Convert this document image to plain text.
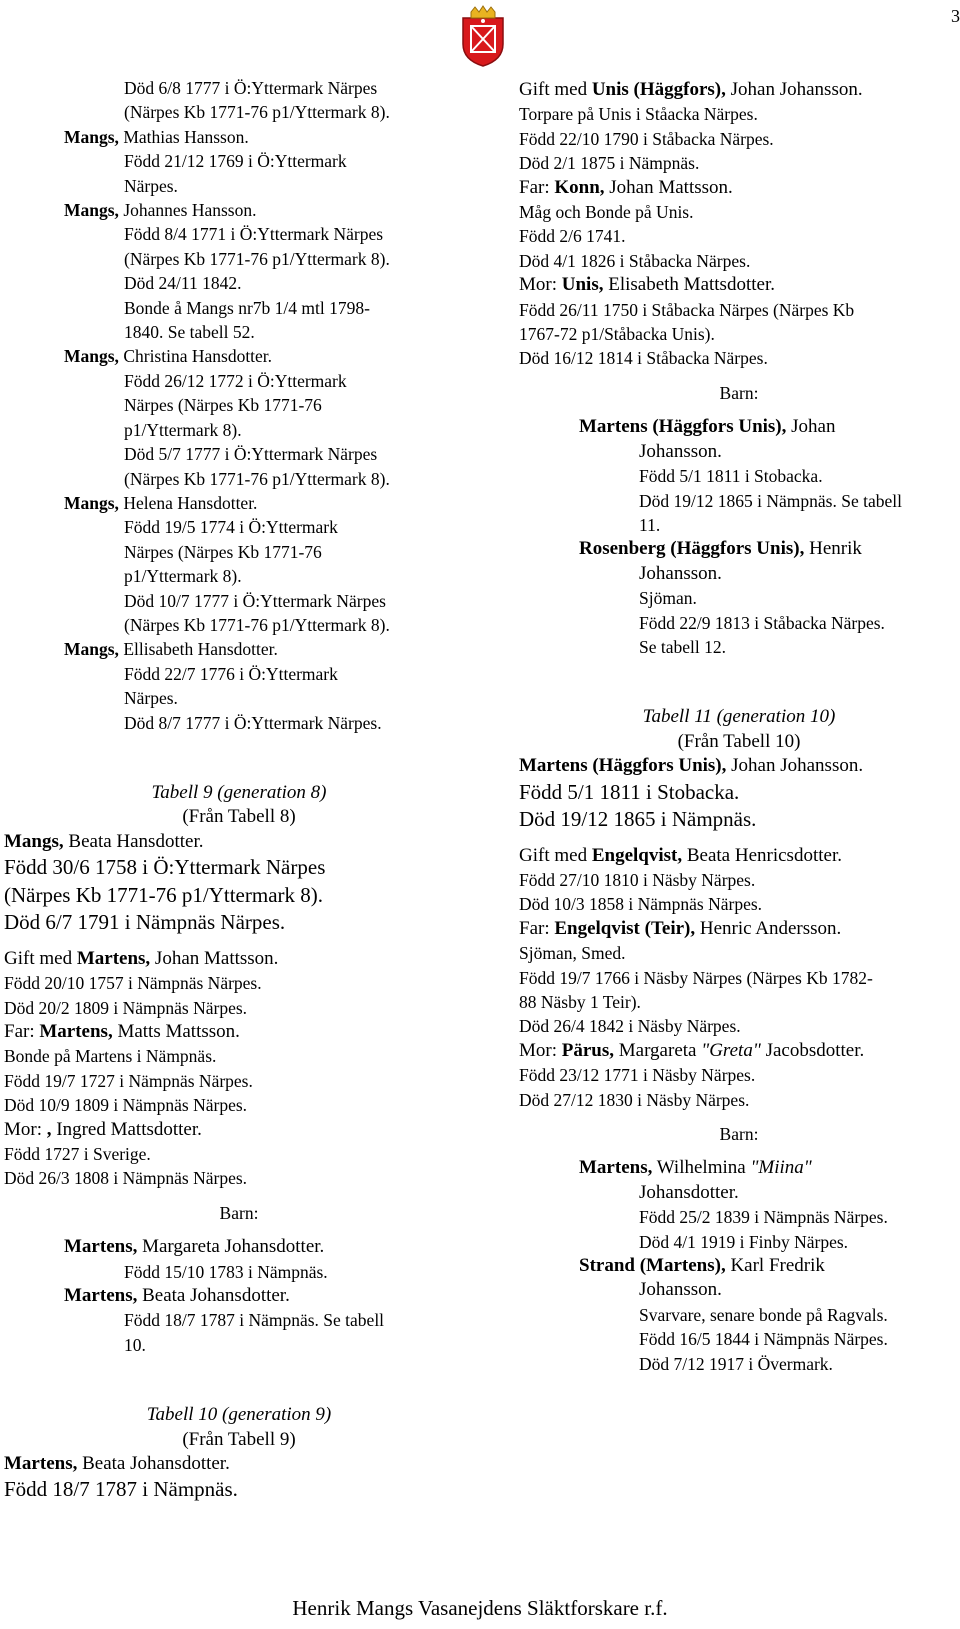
3
Död 6/8 1777 i Ö:Yttermark Närpes
(Närpes Kb 1771-76 p1/Yttermark 8).
Mangs, Mathias Hansson.
Född 21/12 1769 i Ö:Yttermark
Närpes.
Mangs, Johannes Hansson.
Född 8/4 1771 i Ö:Yttermark Närpes
(Närpes Kb 1771-76 p1/Yttermark 8).
Död 24/11 1842.
Bonde å Mangs nr7b 1/4 mtl 1798-
1840. Se tabell 52.
Mangs, Christina Hansdotter.
Född 26/12 1772 i Ö:Yttermark
Närpes (Närpes Kb 1771-76
p1/Yttermark 8).
Död 5/7 1777 i Ö:Yttermark Närpes
(Närpes Kb 1771-76 p1/Yttermark 8).
Mangs, Helena Hansdotter.
Född 19/5 1774 i Ö:Yttermark
Närpes (Närpes Kb 1771-76
p1/Yttermark 8).
Död 10/7 1777 i Ö:Yttermark Närpes
(Närpes Kb 1771-76 p1/Yttermark 8).
Mangs, Ellisabeth Hansdotter.
Född 22/7 1776 i Ö:Yttermark
Närpes.
Död 8/7 1777 i Ö:Yttermark Närpes.
Tabell 9 (generation 8)
(Från Tabell 8)
Mangs, Beata Hansdotter.
Född 30/6 1758 i Ö:Yttermark Närpes
(Närpes Kb 1771-76 p1/Yttermark 8).
Död 6/7 1791 i Nämpnäs Närpes.
Gift med Martens, Johan Mattsson.
Född 20/10 1757 i Nämpnäs Närpes.
Död 20/2 1809 i Nämpnäs Närpes.
Far: Martens, Matts Mattsson.
Bonde på Martens i Nämpnäs.
Född 19/7 1727 i Nämpnäs Närpes.
Död 10/9 1809 i Nämpnäs Närpes.
Mor: , Ingred Mattsdotter.
Född 1727 i Sverige.
Död 26/3 1808 i Nämpnäs Närpes.
Barn:
Martens, Margareta Johansdotter.
Född 15/10 1783 i Nämpnäs.
Martens, Beata Johansdotter.
Född 18/7 1787 i Nämpnäs. Se tabell
10.
Tabell 10 (generation 9)
(Från Tabell 9)
Martens, Beata Johansdotter.
Född 18/7 1787 i Nämpnäs.
Gift med Unis (Häggfors), Johan Johansson.
Torpare på Unis i Ståacka Närpes.
Född 22/10 1790 i Ståbacka Närpes.
Död 2/1 1875 i Nämpnäs.
Far: Konn, Johan Mattsson.
Måg och Bonde på Unis.
Född 2/6 1741.
Död 4/1 1826 i Ståbacka Närpes.
Mor: Unis, Elisabeth Mattsdotter.
Född 26/11 1750 i Ståbacka Närpes (Närpes Kb
1767-72 p1/Ståbacka Unis).
Död 16/12 1814 i Ståbacka Närpes.
Barn:
Martens (Häggfors Unis), Johan
Johansson.
Född 5/1 1811 i Stobacka.
Död 19/12 1865 i Nämpnäs. Se tabell
11.
Rosenberg (Häggfors Unis), Henrik
Johansson.
Sjöman.
Född 22/9 1813 i Ståbacka Närpes.
Se tabell 12.
Tabell 11 (generation 10)
(Från Tabell 10)
Martens (Häggfors Unis), Johan Johansson.
Född 5/1 1811 i Stobacka.
Död 19/12 1865 i Nämpnäs.
Gift med Engelqvist, Beata Henricsdotter.
Född 27/10 1810 i Näsby Närpes.
Död 10/3 1858 i Nämpnäs Närpes.
Far: Engelqvist (Teir), Henric Andersson.
Sjöman, Smed.
Född 19/7 1766 i Näsby Närpes (Närpes Kb 1782-
88 Näsby 1 Teir).
Död 26/4 1842 i Näsby Närpes.
Mor: Pärus, Margareta "Greta" Jacobsdotter.
Född 23/12 1771 i Näsby Närpes.
Död 27/12 1830 i Näsby Närpes.
Barn:
Martens, Wilhelmina "Miina"
Johansdotter.
Född 25/2 1839 i Nämpnäs Närpes.
Död 4/1 1919 i Finby Närpes.
Strand (Martens), Karl Fredrik
Johansson.
Svarvare, senare bonde på Ragvals.
Född 16/5 1844 i Nämpnäs Närpes.
Död 7/12 1917 i Övermark.
Henrik Mangs Vasanejdens Släktforskare r.f.
